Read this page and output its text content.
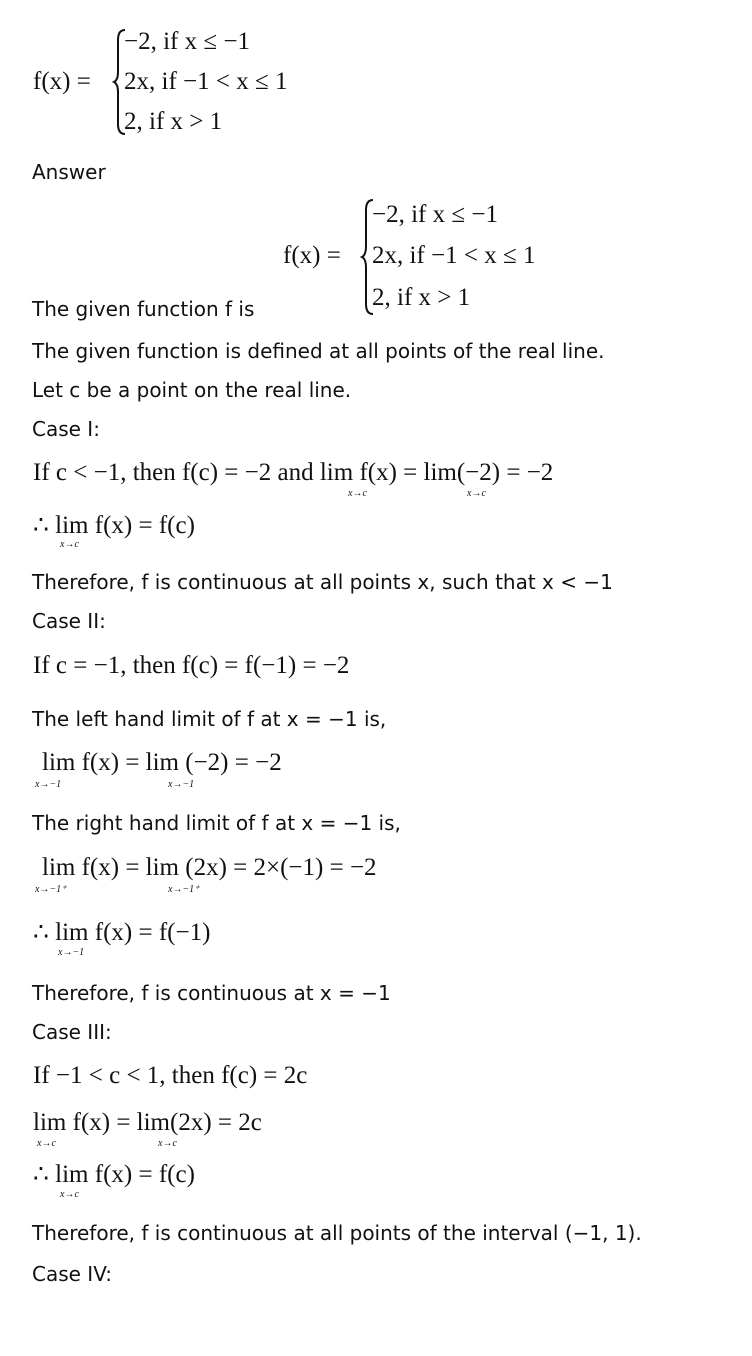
f(x) =
−2, if x ≤ −1
2x, if −1 < x ≤ 1
2, if x > 1
Answer
f(x) =
−2, if x ≤ −1
2x, if −1 < x ≤ 1
2, if x > 1
The given function f is
The given function is defined at all points of the real line.
Let c be a point on the real line.
Case I:
If c < −1, then f(c) = −2 and lim f(x) = lim(−2) = −2
x→c	x→c
∴ lim f(x) = f(c)
x→c
Therefore, f is continuous at all points x, such that x < −1
Case II:
If c = −1, then f(c) = f(−1) = −2
The left hand limit of f at x = −1 is,
lim f(x) = lim (−2) = −2
x→−1	x→−1
The right hand limit of f at x = −1 is,
lim f(x) = lim (2x) = 2×(−1) = −2
x→−1⁺	x→−1⁺
∴ lim f(x) = f(−1)
x→−1
Therefore, f is continuous at x = −1
Case III:
If −1 < c < 1, then f(c) = 2c
lim f(x) = lim(2x) = 2c
x→c	x→c
∴ lim f(x) = f(c)
x→c
Therefore, f is continuous at all points of the interval (−1, 1).
Case IV:
